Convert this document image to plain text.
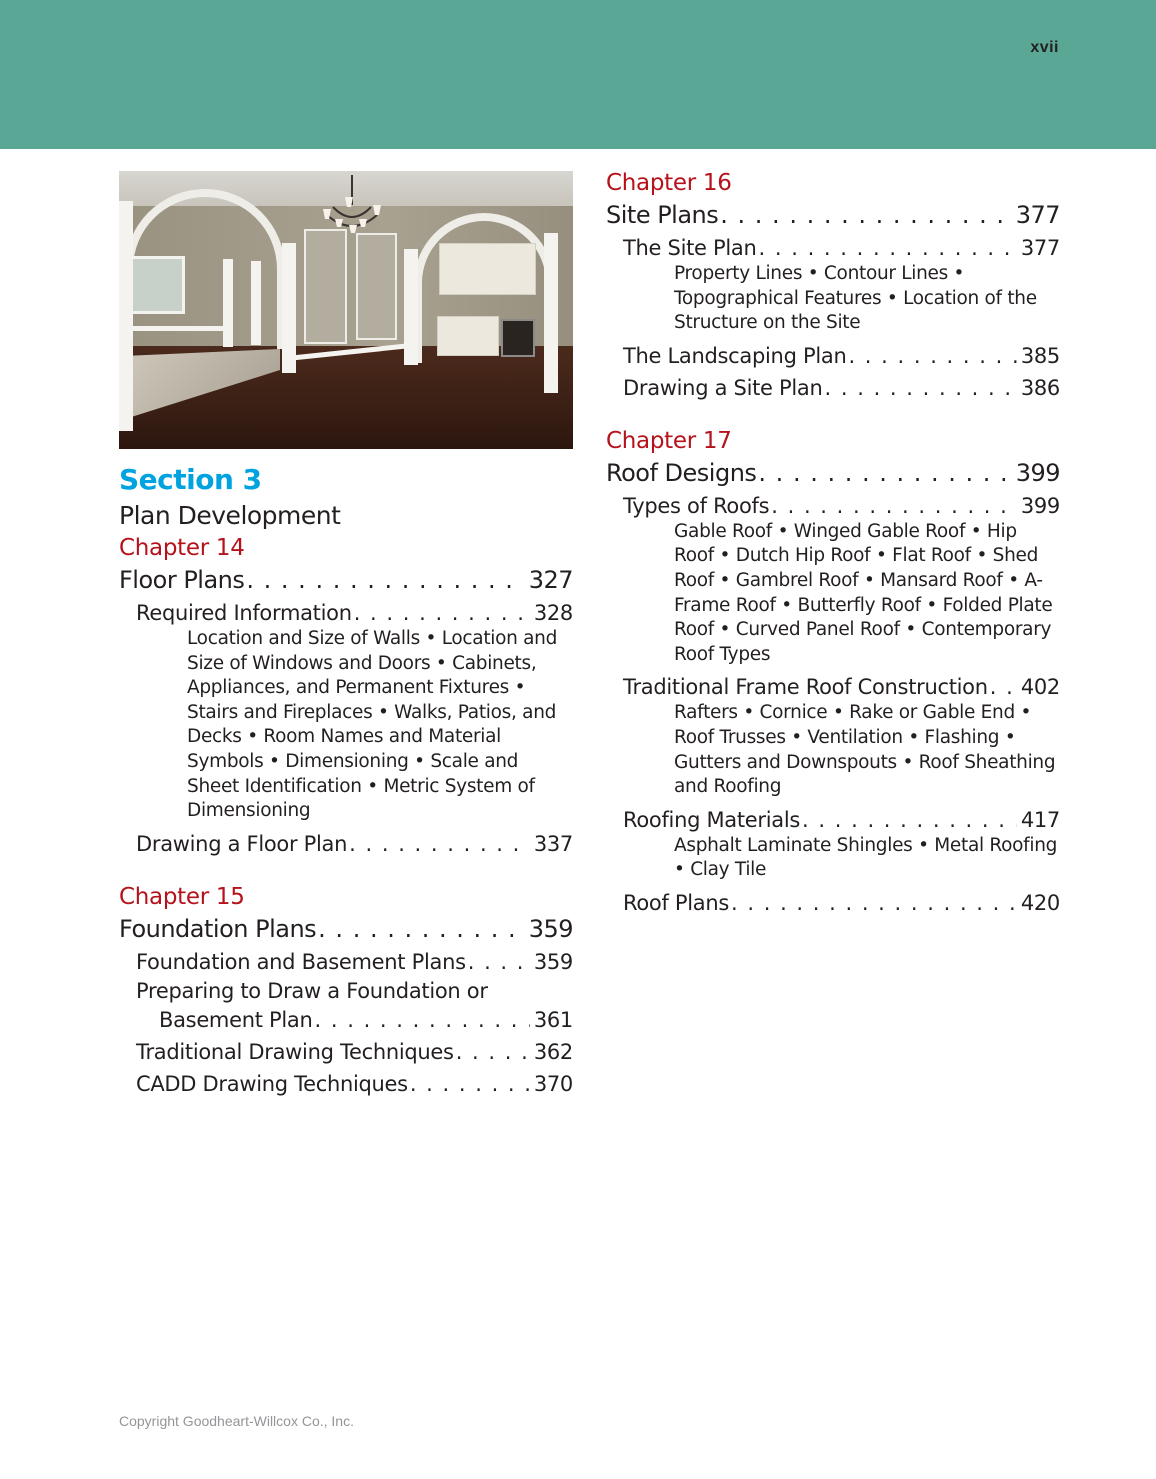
xvii
Section 3
Plan Development
Chapter 14
Floor Plans . . .	327
Required Information . . .	328
Location and Size of Walls • Location and Size of Windows and Doors • Cabinets, Appliances, and Permanent Fixtures • Stairs and Fireplaces • Walks, Patios, and Decks • Room Names and Material Symbols • Dimensioning • Scale and Sheet Identification • Metric System of Dimensioning
Drawing a Floor Plan . . .	337
Chapter 15
Foundation Plans . . .	359
Foundation and Basement Plans . . .	359
Preparing to Draw a Foundation or
Basement Plan . . .	361
Traditional Drawing Techniques . . .	362
CADD Drawing Techniques . . .	370
Chapter 16
Site Plans . . .	377
The Site Plan . . .	377
Property Lines • Contour Lines • Topographical Features • Location of the Structure on the Site
The Landscaping Plan . . .	385
Drawing a Site Plan . . .	386
Chapter 17
Roof Designs . . .	399
Types of Roofs . . .	399
Gable Roof • Winged Gable Roof • Hip Roof • Dutch Hip Roof • Flat Roof • Shed Roof • Gambrel Roof • Mansard Roof • A-Frame Roof • Butterfly Roof • Folded Plate Roof • Curved Panel Roof • Contemporary Roof Types
Traditional Frame Roof Construction . . . 402
Rafters • Cornice • Rake or Gable End • Roof Trusses • Ventilation • Flashing • Gutters and Downspouts • Roof Sheathing and Roofing
Roofing Materials . . .	417
Asphalt Laminate Shingles • Metal Roofing • Clay Tile
Roof Plans . . .	420
Copyright Goodheart-Willcox Co., Inc.
